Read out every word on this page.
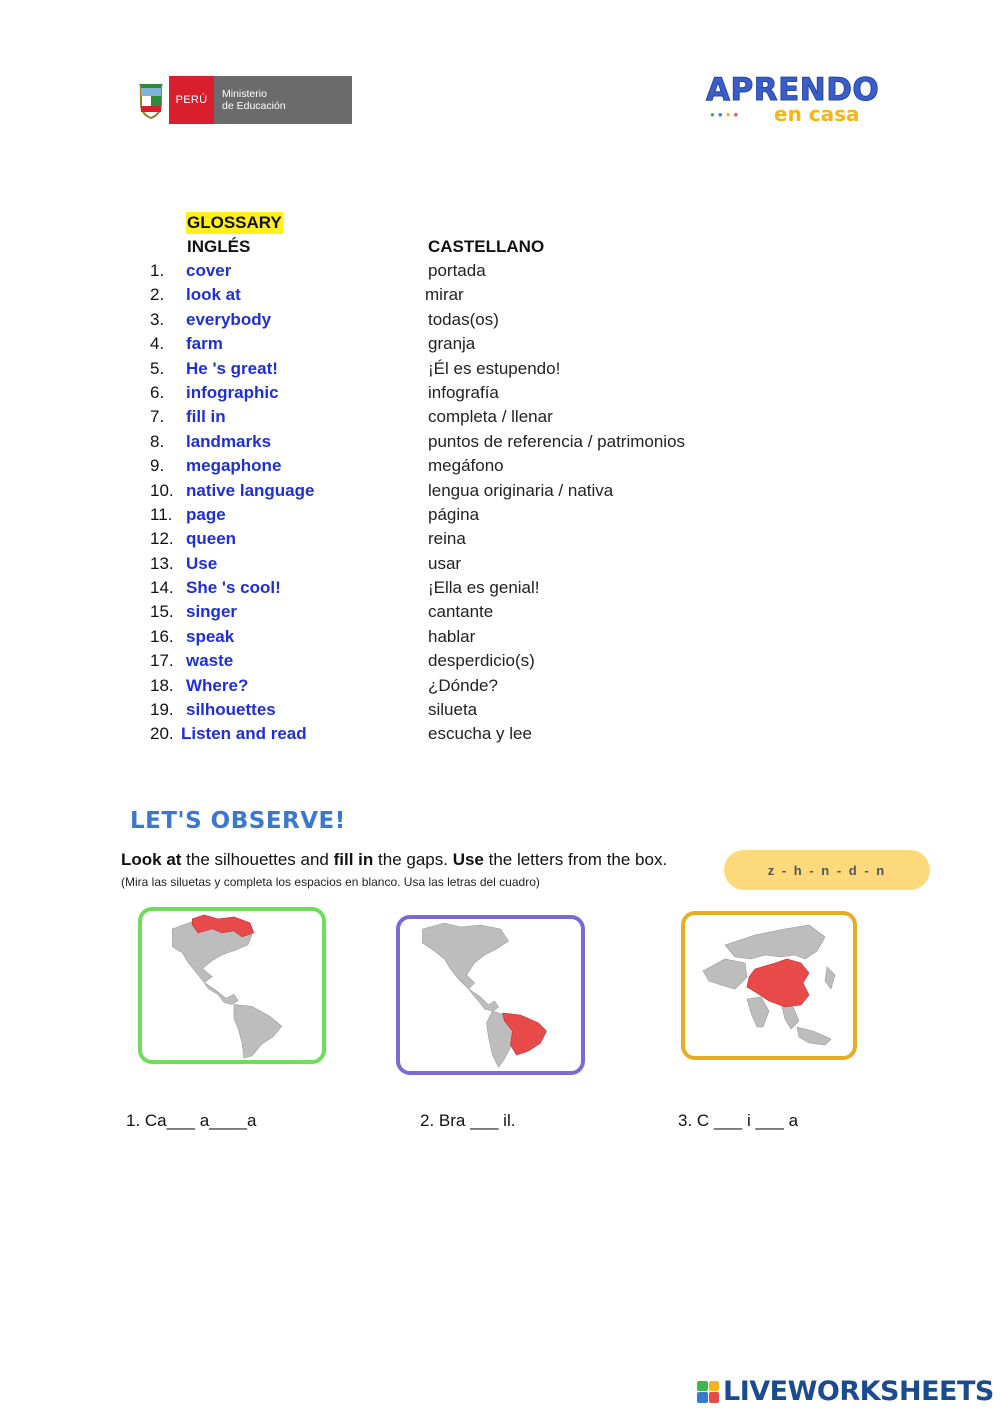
PERÚ	Ministerio
de Educación	APRENDO
●●●● en casa
GLOSSARY
INGLÉS	CASTELLANO
1. cover	portada
2. look at	mirar
3. everybody	todas(os)
4. farm	granja
5. He 's great!	¡Él es estupendo!
6. infographic	infografía
7. fill in	completa / llenar
8. landmarks	puntos de referencia / patrimonios
9. megaphone	megáfono
10. native language	lengua originaria / nativa
11. page	página
12. queen	reina
13. Use	usar
14. She 's cool!	¡Ella es genial!
15. singer	cantante
16. speak	hablar
17. waste	desperdicio(s)
18. Where?	¿Dónde?
19. silhouettes	silueta
20. Listen and read	escucha y lee
LET'S OBSERVE!
Look at the silhouettes and fill in the gaps. Use the letters from the box.
(Mira las siluetas y completa los espacios en blanco. Usa las letras del cuadro)
z - h - n - d - n
1. Ca___ a____a	2. Bra ___ il.	3. C ___ i ___ a
LIVEWORKSHEETS
